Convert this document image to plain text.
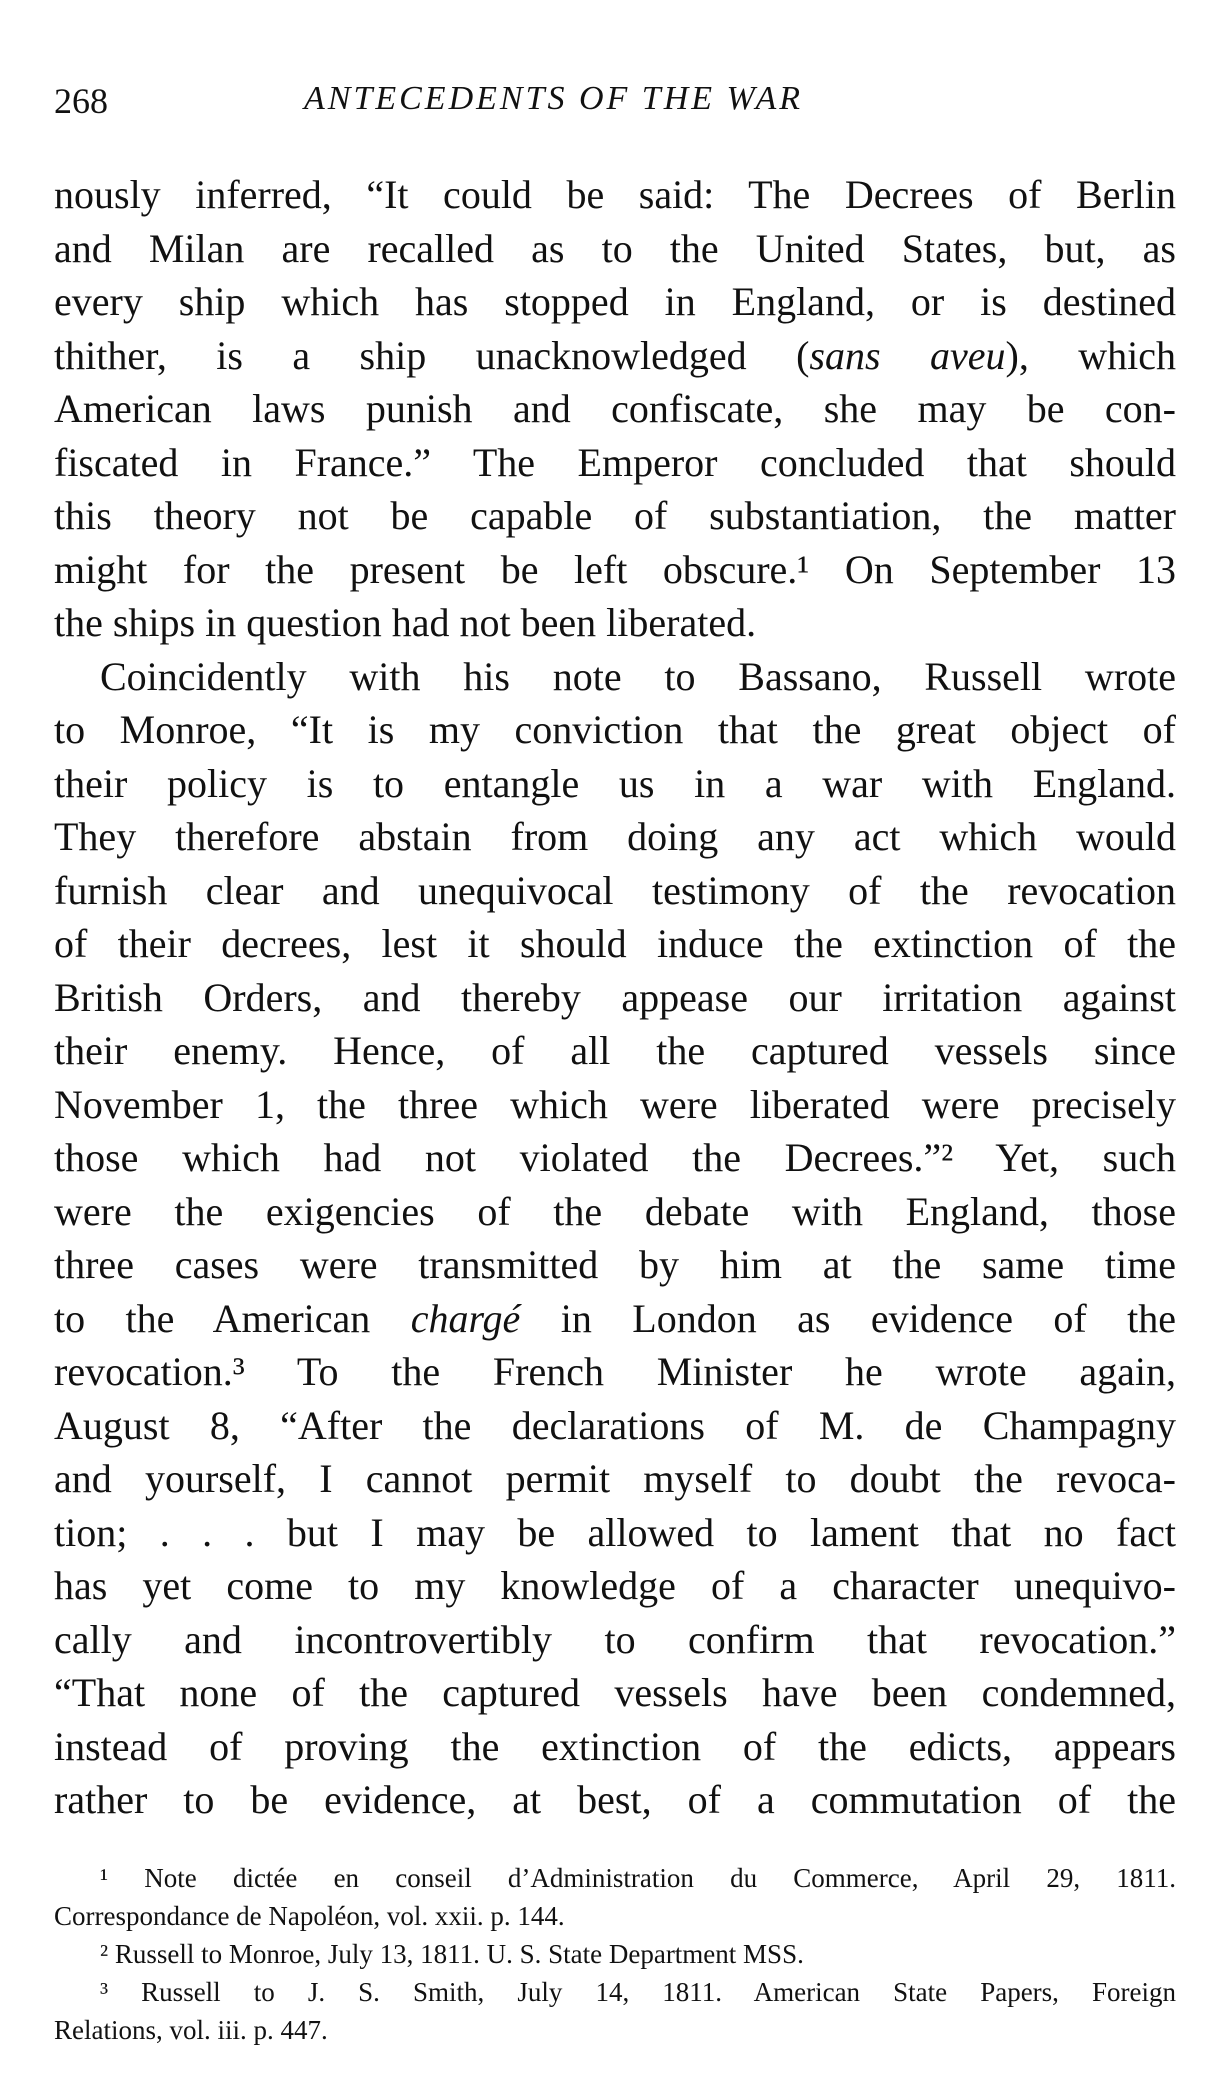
268	ANTECEDENTS OF THE WAR
nously inferred, “It could be said: The Decrees of Berlin
and Milan are recalled as to the United States, but, as
every ship which has stopped in England, or is destined
thither, is a ship unacknowledged (sans aveu), which
American laws punish and confiscate, she may be con-
fiscated in France.” The Emperor concluded that should
this theory not be capable of substantiation, the matter
might for the present be left obscure.¹ On September 13
the ships in question had not been liberated.
Coincidently with his note to Bassano, Russell wrote
to Monroe, “It is my conviction that the great object of
their policy is to entangle us in a war with England.
They therefore abstain from doing any act which would
furnish clear and unequivocal testimony of the revocation
of their decrees, lest it should induce the extinction of the
British Orders, and thereby appease our irritation against
their enemy. Hence, of all the captured vessels since
November 1, the three which were liberated were precisely
those which had not violated the Decrees.”² Yet, such
were the exigencies of the debate with England, those
three cases were transmitted by him at the same time
to the American chargé in London as evidence of the
revocation.³ To the French Minister he wrote again,
August 8, “After the declarations of M. de Champagny
and yourself, I cannot permit myself to doubt the revoca-
tion; . . . but I may be allowed to lament that no fact
has yet come to my knowledge of a character unequivo-
cally and incontrovertibly to confirm that revocation.”
“That none of the captured vessels have been condemned,
instead of proving the extinction of the edicts, appears
rather to be evidence, at best, of a commutation of the
¹ Note dictée en conseil d’Administration du Commerce, April 29, 1811.
Correspondance de Napoléon, vol. xxii. p. 144.
² Russell to Monroe, July 13, 1811. U. S. State Department MSS.
³ Russell to J. S. Smith, July 14, 1811. American State Papers, Foreign
Relations, vol. iii. p. 447.
